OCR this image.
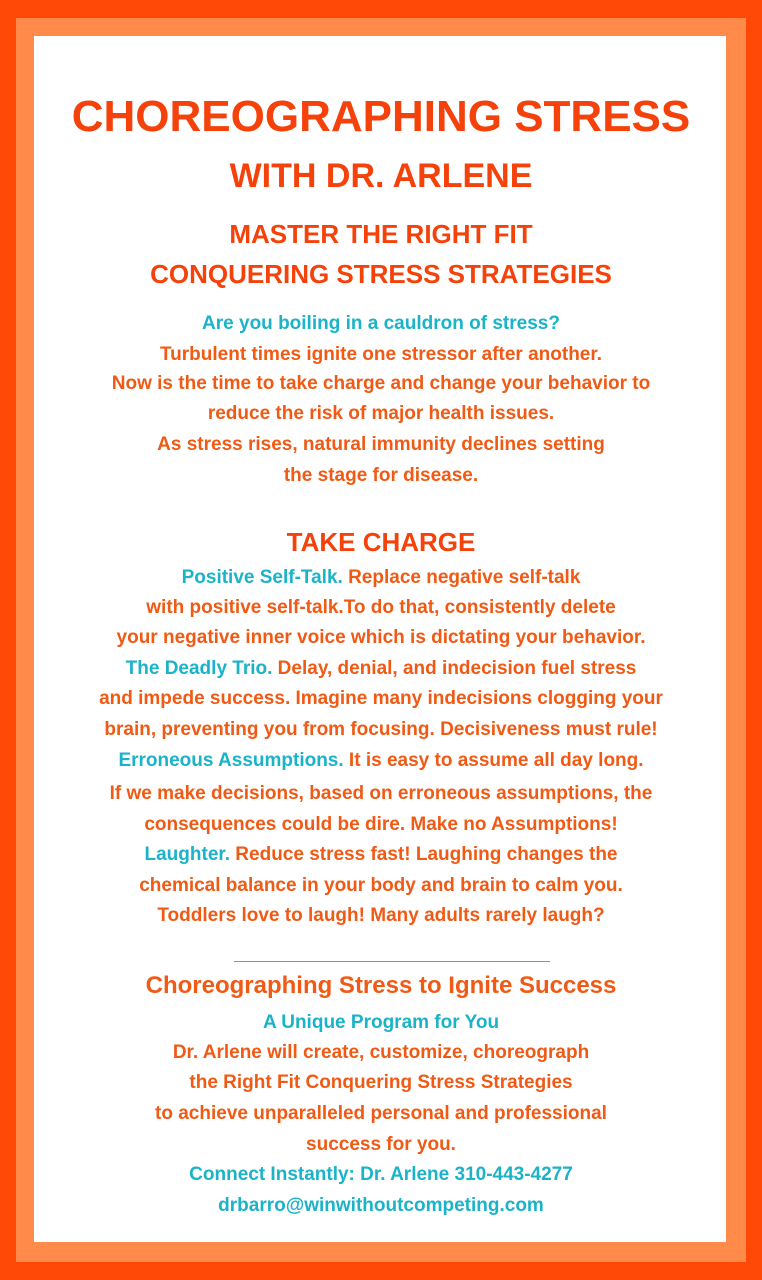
CHOREOGRAPHING STRESS
WITH DR. ARLENE
MASTER THE RIGHT FIT
CONQUERING STRESS STRATEGIES
Are you boiling in a cauldron of stress?
Turbulent times ignite one stressor after another.
Now is the time to take charge and change your behavior to
reduce the risk of major health issues.
As stress rises, natural immunity declines setting
the stage for disease.
TAKE CHARGE
Positive Self-Talk. Replace negative self-talk
with positive self-talk.To do that, consistently delete
your negative inner voice which is dictating your behavior.
The Deadly Trio. Delay, denial, and indecision fuel stress
and impede success. Imagine many indecisions clogging your
brain, preventing you from focusing. Decisiveness must rule!
Erroneous Assumptions. It is easy to assume all day long.
If we make decisions, based on erroneous assumptions, the
consequences could be dire. Make no Assumptions!
Laughter. Reduce stress fast! Laughing changes the
chemical balance in your body and brain to calm you.
Toddlers love to laugh! Many adults rarely laugh?
Choreographing Stress to Ignite Success
A Unique Program for You
Dr. Arlene will create, customize, choreograph
the Right Fit Conquering Stress Strategies
to achieve unparalleled personal and professional
success for you.
Connect Instantly: Dr. Arlene 310-443-4277
drbarro@winwithoutcompeting.com
